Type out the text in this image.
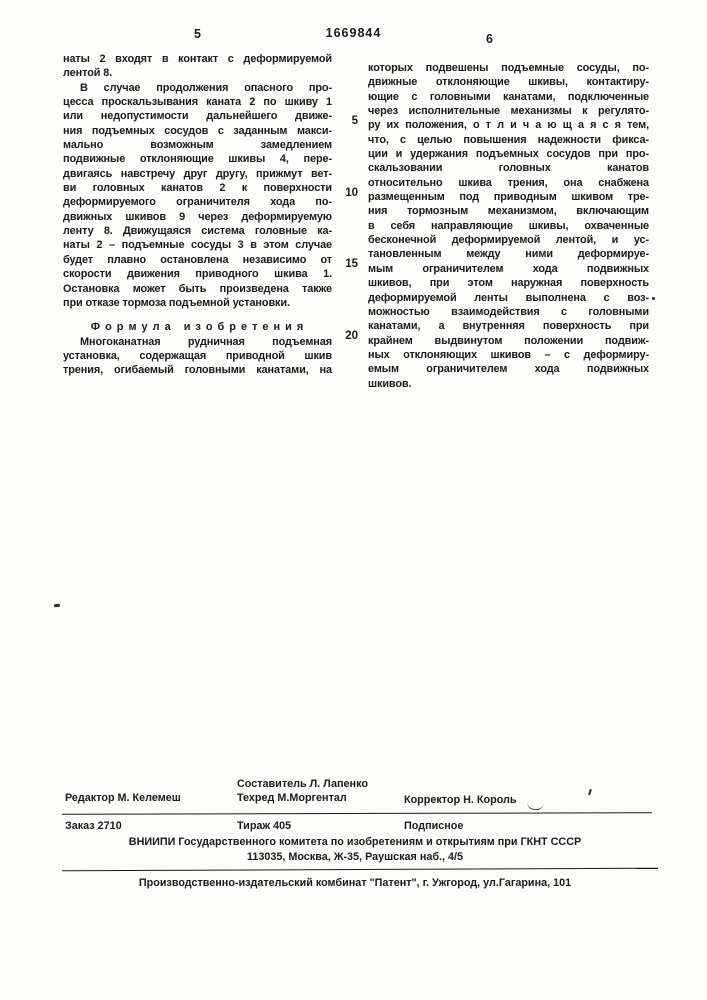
5	1669844	6
наты 2 входят в контакт с деформируемой
лентой 8.
В случае продолжения опасного про-
цесса проскальзывания каната 2 по шкиву 1
или недопустимости дальнейшего движе-
ния подъемных сосудов с заданным макси-
мально возможным замедлением
подвижные отклоняющие шкивы 4, пере-
двигаясь навстречу друг другу, прижмут вет-
ви головных канатов 2 к поверхности
деформируемого ограничителя хода по-
движных шкивов 9 через деформируемую
ленту 8. Движущаяся система головные ка-
наты 2 – подъемные сосуды 3 в этом случае
будет плавно остановлена независимо от
скорости движения приводного шкива 1.
Остановка может быть произведена также
при отказе тормоза подъемной установки.
Ф о р м у л а   и з о б р е т е н и я
Многоканатная рудничная подъемная
установка, содержащая приводной шкив
трения, огибаемый головными канатами, на
которых подвешены подъемные сосуды, по-
движные отклоняющие шкивы, контактиру-
ющие с головными канатами, подключенные
через исполнительные механизмы к регулято-
ру их положения, о т л и ч а ю щ а я с я тем,
что, с целью повышения надежности фикса-
ции и удержания подъемных сосудов при про-
скальзовании головных канатов
относительно шкива трения, она снабжена
размещенным под приводным шкивом тре-
ния тормозным механизмом, включающим
в себя направляющие шкивы, охваченные
бесконечной деформируемой лентой, и ус-
тановленным между ними деформируе-
мым ограничителем хода подвижных
шкивов, при этом наружная поверхность
деформируемой ленты выполнена с воз-
можностью взаимодействия с головными
канатами, а внутренняя поверхность при
крайнем выдвинутом положении подвиж-
ных отклоняющих шкивов – с деформиру-
емым ограничителем хода подвижных
шкивов.
5
10
15
20
Составитель Л. Лапенко
Редактор М. Келемеш	Техред М.Моргентал	Корректор Н. Король
Заказ 2710	Тираж 405	Подписное
ВНИИПИ Государственного комитета по изобретениям и открытиям при ГКНТ СССР
113035, Москва, Ж-35, Раушская наб., 4/5
Производственно-издательский комбинат "Патент", г. Ужгород, ул.Гагарина, 101
